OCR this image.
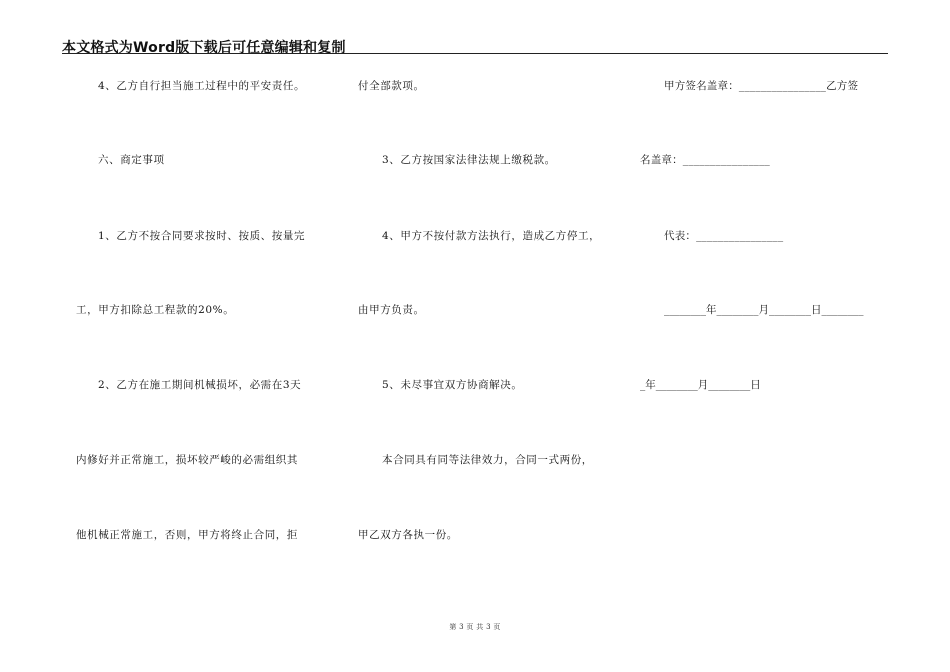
本文格式为Word版下载后可任意编辑和复制
4、乙方自行担当施工过程中的平安责任。
六、商定事项
1、乙方不按合同要求按时、按质、按量完
工，甲方扣除总工程款的20%。
2、乙方在施工期间机械损坏，必需在3天
内修好并正常施工，损坏较严峻的必需组织其
他机械正常施工，否则，甲方将终止合同，拒
付全部款项。
3、乙方按国家法律法规上缴税款。
4、甲方不按付款方法执行，造成乙方停工，
由甲方负责。
5、未尽事宜双方协商解决。
本合同具有同等法律效力，合同一式两份，
甲乙双方各执一份。
甲方签名盖章：________________乙方签
名盖章：________________
代表：________________
________年________月________日________
_年________月________日
第 3 页 共 3 页
